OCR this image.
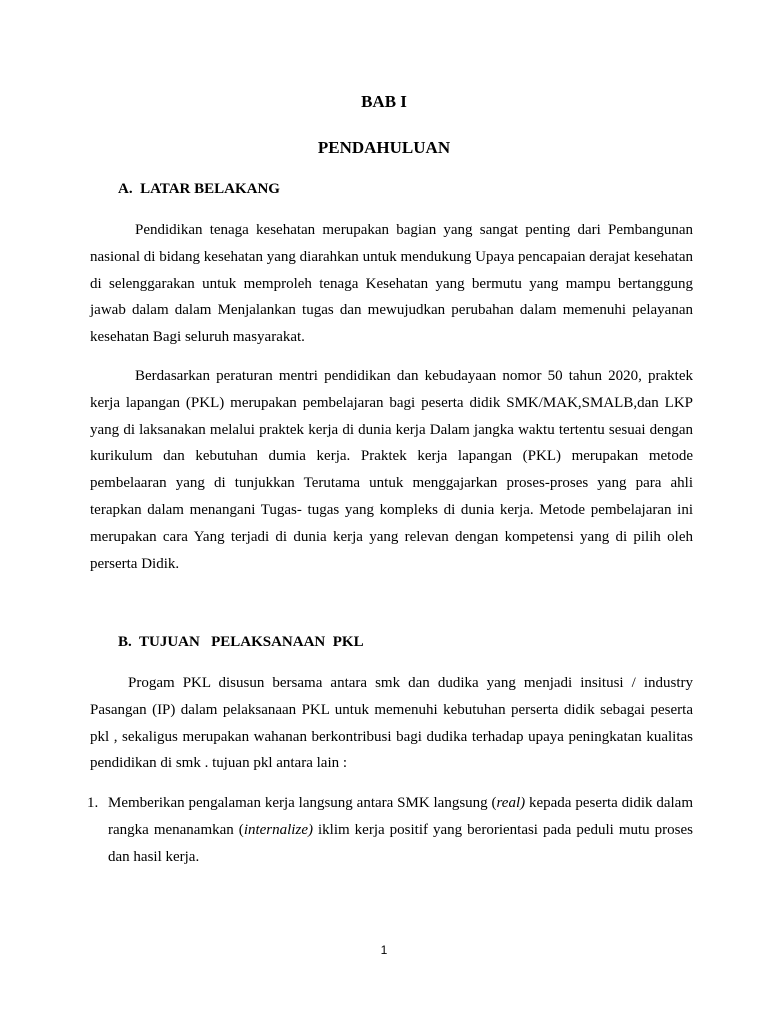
BAB I
PENDAHULUAN
A.  LATAR BELAKANG

Pendidikan tenaga kesehatan merupakan bagian yang sangat penting dari Pembangunan nasional di bidang kesehatan yang diarahkan untuk mendukung Upaya pencapaian derajat kesehatan di selenggarakan untuk memproleh tenaga Kesehatan yang bermutu yang mampu bertanggung jawab dalam dalam Menjalankan tugas dan mewujudkan perubahan dalam memenuhi pelayanan kesehatan Bagi seluruh masyarakat.

Berdasarkan peraturan mentri pendidikan dan kebudayaan nomor 50 tahun 2020, praktek kerja lapangan (PKL) merupakan pembelajaran bagi peserta didik SMK/MAK,SMALB,dan LKP yang di laksanakan melalui praktek kerja di dunia kerja Dalam jangka waktu tertentu sesuai dengan kurikulum dan kebutuhan dumia kerja. Praktek kerja lapangan (PKL) merupakan metode pembelaaran yang di tunjukkan Terutama untuk menggajarkan proses-proses yang para ahli terapkan dalam menangani Tugas- tugas yang kompleks di dunia kerja. Metode pembelajaran ini merupakan cara Yang terjadi di dunia kerja yang relevan dengan kompetensi yang di pilih oleh perserta Didik.

B.  TUJUAN   PELAKSANAAN  PKL

Progam PKL disusun bersama antara smk dan dudika yang menjadi insitusi / industry Pasangan (IP) dalam pelaksanaan PKL untuk memenuhi kebutuhan perserta didik sebagai peserta pkl , sekaligus merupakan wahanan berkontribusi bagi dudika terhadap upaya peningkatan kualitas pendidikan di smk . tujuan pkl antara lain :

1. Memberikan pengalaman kerja langsung antara SMK langsung (real) kepada peserta didik dalam rangka menanamkan (internalize) iklim kerja positif yang berorientasi pada peduli mutu proses dan hasil kerja.
1
